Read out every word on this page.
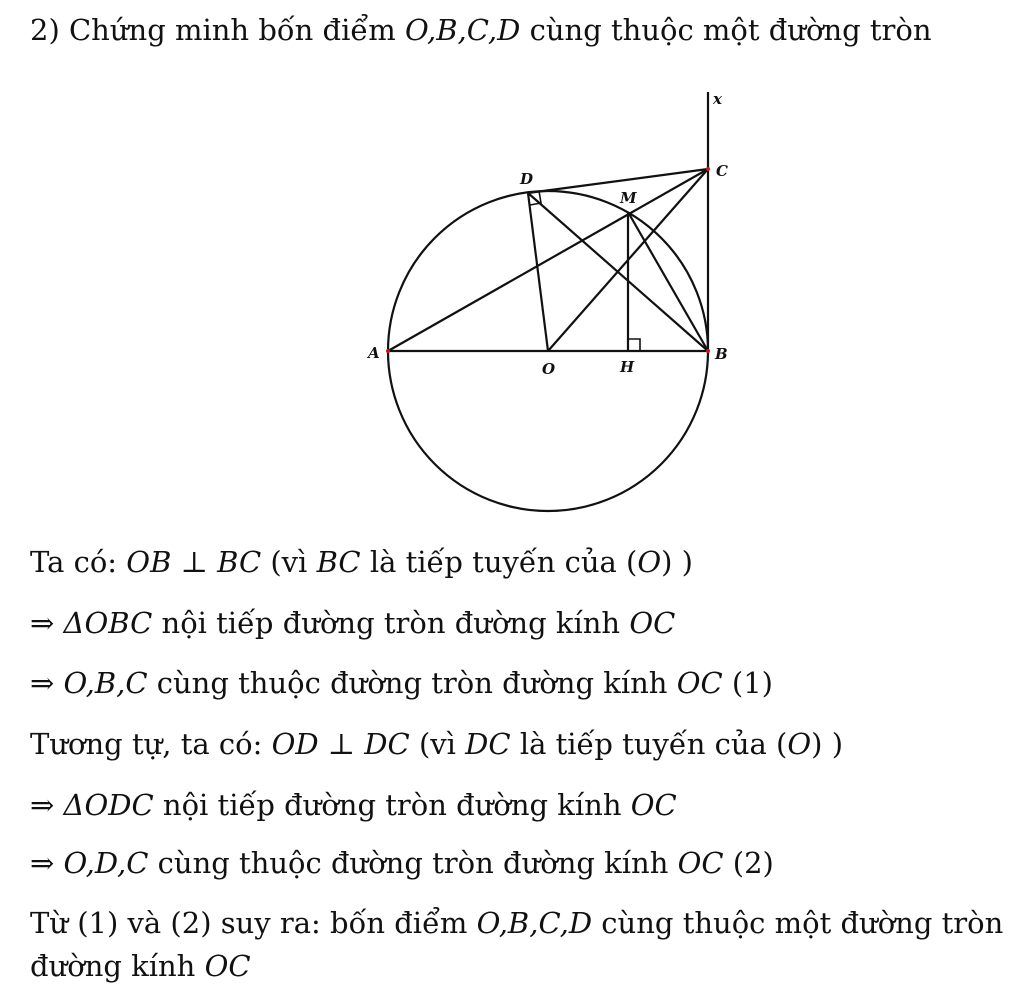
2) Chứng minh bốn điểm O,B,C,D cùng thuộc một đường tròn
A
O	H
B
C
D
M
x
Ta có: OB ⊥ BC (vì BC là tiếp tuyến của (O) )
⇒ ΔOBC nội tiếp đường tròn đường kính OC
⇒ O,B,C cùng thuộc đường tròn đường kính OC (1)
Tương tự, ta có: OD ⊥ DC (vì DC là tiếp tuyến của (O) )
⇒ ΔODC nội tiếp đường tròn đường kính OC
⇒ O,D,C cùng thuộc đường tròn đường kính OC (2)
Từ (1) và (2) suy ra: bốn điểm O,B,C,D cùng thuộc một đường tròn
đường kính OC
